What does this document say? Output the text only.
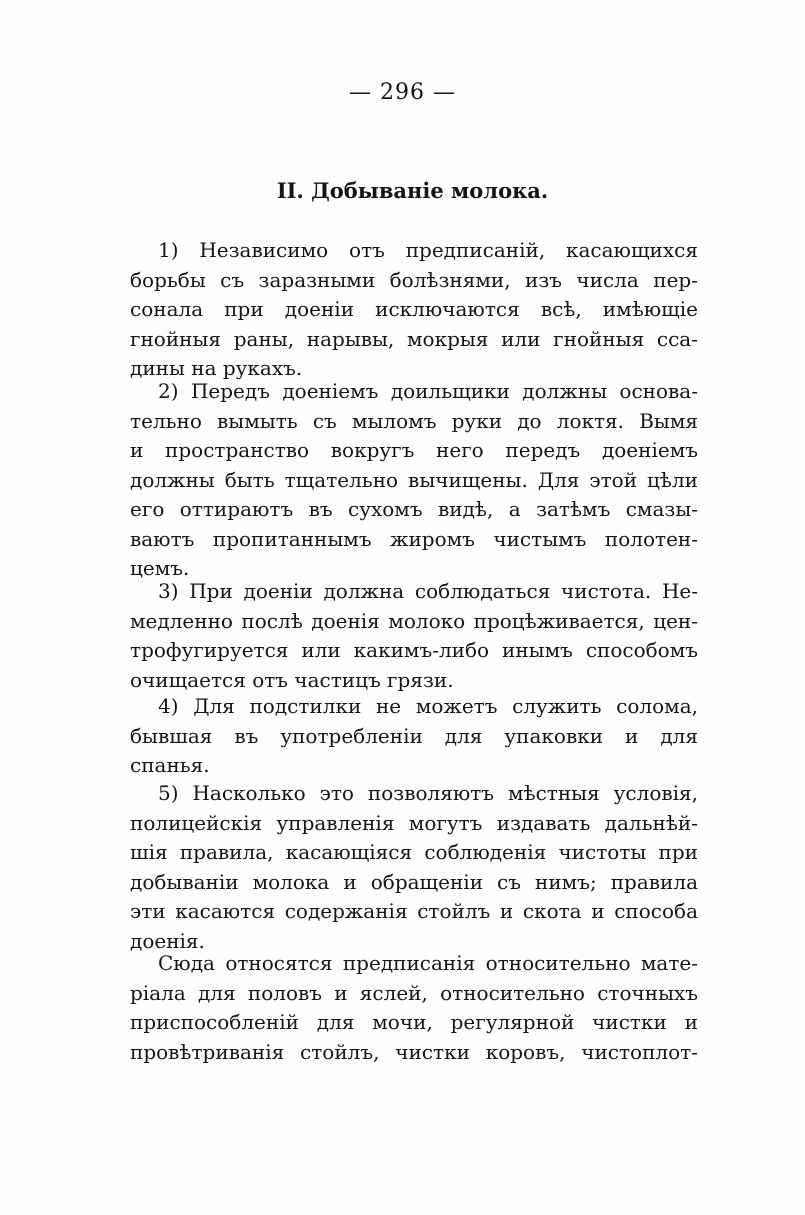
— 296 —
II. Добываніе молока.
1) Независимо отъ предписаній, касающихся
борьбы съ заразными болѣзнями, изъ числа пер-
сонала при доеніи исключаются всѣ, имѣющіе
гнойныя раны, нарывы, мокрыя или гнойныя сса-
дины на рукахъ.
2) Передъ доеніемъ доильщики должны основа-
тельно вымыть съ мыломъ руки до локтя. Вымя
и пространство вокругъ него передъ доеніемъ
должны быть тщательно вычищены. Для этой цѣли
его оттираютъ въ сухомъ видѣ, а затѣмъ смазы-
ваютъ пропитаннымъ жиромъ чистымъ полотен-
цемъ.
3) При доеніи должна соблюдаться чистота. Не-
медленно послѣ доенія молоко процѣживается, цен-
трофугируется или какимъ-либо инымъ способомъ
очищается отъ частицъ грязи.
4) Для подстилки не можетъ служить солома,
бывшая въ употребленіи для упаковки и для
спанья.
5) Насколько это позволяютъ мѣстныя условія,
полицейскія управленія могутъ издавать дальнѣй-
шія правила, касающіяся соблюденія чистоты при
добываніи молока и обращеніи съ нимъ; правила
эти касаются содержанія стойлъ и скота и способа
доенія.
Сюда относятся предписанія относительно мате-
ріала для половъ и яслей, относительно сточныхъ
приспособленій для мочи, регулярной чистки и
провѣтриванія стойлъ, чистки коровъ, чистоплот-
